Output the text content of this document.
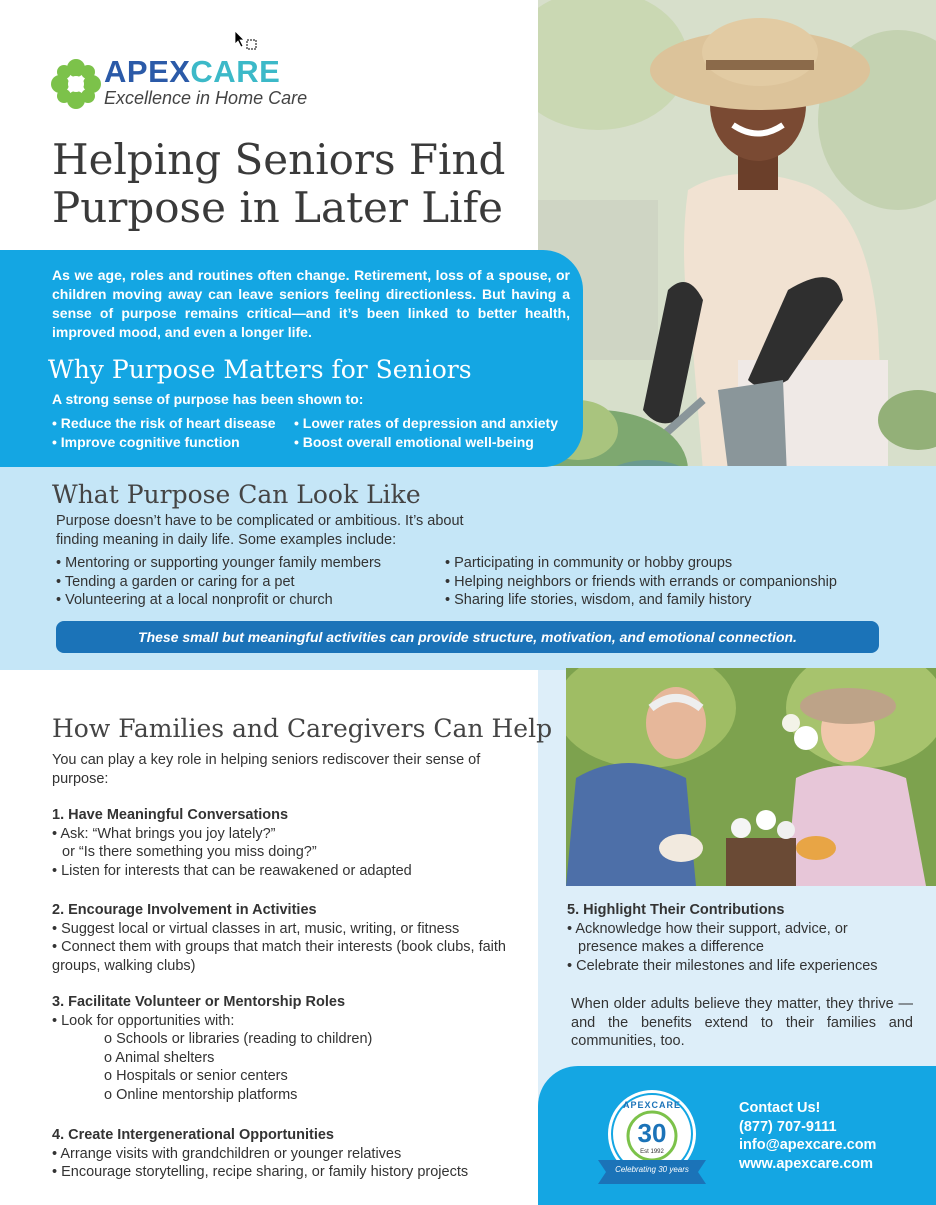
APEXCARE
Excellence in Home Care
Helping Seniors Find
Purpose in Later Life
As we age, roles and routines often change. Retirement, loss of a spouse, or children moving away can leave seniors feeling directionless. But having a sense of purpose remains critical—and it’s been linked to better health, improved mood, and even a longer life.
Why Purpose Matters for Seniors
A strong sense of purpose has been shown to:
• Reduce the risk of heart disease
• Improve cognitive function
• Lower rates of depression and anxiety
• Boost overall emotional well-being
What Purpose Can Look Like
Purpose doesn’t have to be complicated or ambitious. It’s about finding meaning in daily life. Some examples include:
• Mentoring or supporting younger family members
• Tending a garden or caring for a pet
• Volunteering at a local nonprofit or church
• Participating in community or hobby groups
• Helping neighbors or friends with errands or companionship
• Sharing life stories, wisdom, and family history
These small but meaningful activities can provide structure, motivation, and emotional connection.
How Families and Caregivers Can Help
You can play a key role in helping seniors rediscover their sense of purpose:
1. Have Meaningful Conversations
• Ask: “What brings you joy lately?”
or “Is there something you miss doing?”
• Listen for interests that can be reawakened or adapted
2. Encourage Involvement in Activities
• Suggest local or virtual classes in art, music, writing, or fitness
• Connect them with groups that match their interests (book clubs, faith groups, walking clubs)
3. Facilitate Volunteer or Mentorship Roles
• Look for opportunities with:
o Schools or libraries (reading to children)
o Animal shelters
o Hospitals or senior centers
o Online mentorship platforms
4. Create Intergenerational Opportunities
• Arrange visits with grandchildren or younger relatives
• Encourage storytelling, recipe sharing, or family history projects
5. Highlight Their Contributions
• Acknowledge how their support, advice, or presence makes a difference
• Celebrate their milestones and life experiences
When older adults believe they matter, they thrive — and the benefits extend to their families and communities, too.
APEXCARE
30
Est 1992
Celebrating 30 years
Contact Us!
(877) 707-9111
info@apexcare.com
www.apexcare.com
